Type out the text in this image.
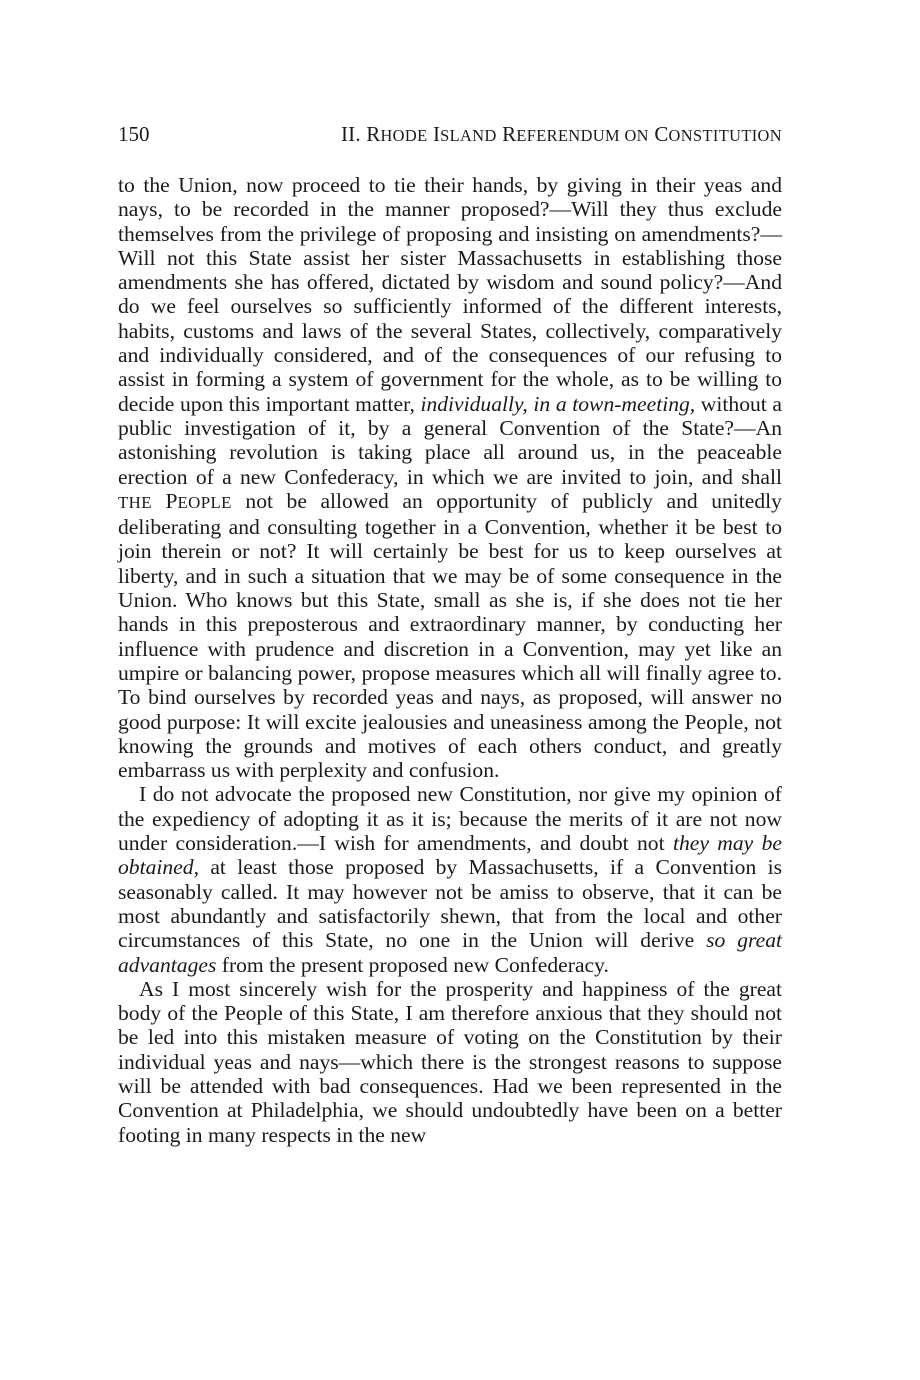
150	II. RHODE ISLAND REFERENDUM ON CONSTITUTION

to the Union, now proceed to tie their hands, by giving in their yeas and nays, to be recorded in the manner proposed?—Will they thus exclude themselves from the privilege of proposing and insisting on amendments?—Will not this State assist her sister Massachusetts in establishing those amendments she has offered, dictated by wisdom and sound policy?—And do we feel ourselves so sufficiently informed of the different interests, habits, customs and laws of the several States, collectively, comparatively and individually considered, and of the consequences of our refusing to assist in forming a system of government for the whole, as to be willing to decide upon this important matter, individually, in a town-meeting, without a public investigation of it, by a general Convention of the State?—An astonishing revolution is taking place all around us, in the peaceable erection of a new Confederacy, in which we are invited to join, and shall THE PEOPLE not be allowed an opportunity of publicly and unitedly deliberating and consulting together in a Convention, whether it be best to join therein or not? It will certainly be best for us to keep ourselves at liberty, and in such a situation that we may be of some consequence in the Union. Who knows but this State, small as she is, if she does not tie her hands in this preposterous and extraordinary manner, by conducting her influence with prudence and discretion in a Convention, may yet like an umpire or balancing power, propose measures which all will finally agree to. To bind ourselves by recorded yeas and nays, as proposed, will answer no good purpose: It will excite jealousies and uneasiness among the People, not knowing the grounds and motives of each others conduct, and greatly embarrass us with perplexity and confusion.

I do not advocate the proposed new Constitution, nor give my opinion of the expediency of adopting it as it is; because the merits of it are not now under consideration.—I wish for amendments, and doubt not they may be obtained, at least those proposed by Massachusetts, if a Convention is seasonably called. It may however not be amiss to observe, that it can be most abundantly and satisfactorily shewn, that from the local and other circumstances of this State, no one in the Union will derive so great advantages from the present proposed new Confederacy.

As I most sincerely wish for the prosperity and happiness of the great body of the People of this State, I am therefore anxious that they should not be led into this mistaken measure of voting on the Constitution by their individual yeas and nays—which there is the strongest reasons to suppose will be attended with bad consequences. Had we been represented in the Convention at Philadelphia, we should undoubtedly have been on a better footing in many respects in the new
